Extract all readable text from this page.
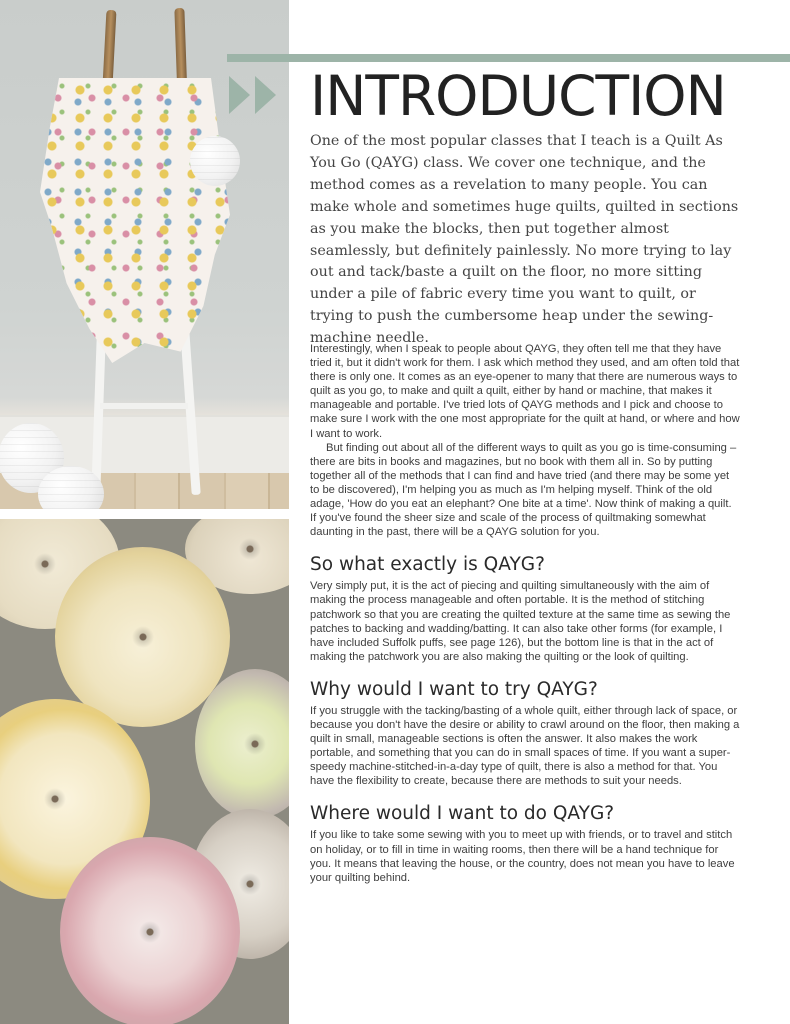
INTRODUCTION

One of the most popular classes that I teach is a Quilt As You Go (QAYG) class. We cover one technique, and the method comes as a revelation to many people. You can make whole and sometimes huge quilts, quilted in sections as you make the blocks, then put together almost seamlessly, but definitely painlessly. No more trying to lay out and tack/baste a quilt on the floor, no more sitting under a pile of fabric every time you want to quilt, or trying to push the cumbersome heap under the sewing-machine needle.

Interestingly, when I speak to people about QAYG, they often tell me that they have tried it, but it didn't work for them. I ask which method they used, and am often told that there is only one. It comes as an eye-opener to many that there are numerous ways to quilt as you go, to make and quilt a quilt, either by hand or machine, that makes it manageable and portable. I've tried lots of QAYG methods and I pick and choose to make sure I work with the one most appropriate for the quilt at hand, or where and how I want to work.

But finding out about all of the different ways to quilt as you go is time-consuming – there are bits in books and magazines, but no book with them all in. So by putting together all of the methods that I can find and have tried (and there may be some yet to be discovered), I'm helping you as much as I'm helping myself. Think of the old adage, 'How do you eat an elephant? One bite at a time'. Now think of making a quilt. If you've found the sheer size and scale of the process of quiltmaking somewhat daunting in the past, there will be a QAYG solution for you.

So what exactly is QAYG?

Very simply put, it is the act of piecing and quilting simultaneously with the aim of making the process manageable and often portable. It is the method of stitching patchwork so that you are creating the quilted texture at the same time as sewing the patches to backing and wadding/batting. It can also take other forms (for example, I have included Suffolk puffs, see page 126), but the bottom line is that in the act of making the patchwork you are also making the quilting or the look of quilting.

Why would I want to try QAYG?

If you struggle with the tacking/basting of a whole quilt, either through lack of space, or because you don't have the desire or ability to crawl around on the floor, then making a quilt in small, manageable sections is often the answer. It also makes the work portable, and something that you can do in small spaces of time. If you want a super-speedy machine-stitched-in-a-day type of quilt, there is also a method for that. You have the flexibility to create, because there are methods to suit your needs.

Where would I want to do QAYG?

If you like to take some sewing with you to meet up with friends, or to travel and stitch on holiday, or to fill in time in waiting rooms, then there will be a hand technique for you. It means that leaving the house, or the country, does not mean you have to leave your quilting behind.
